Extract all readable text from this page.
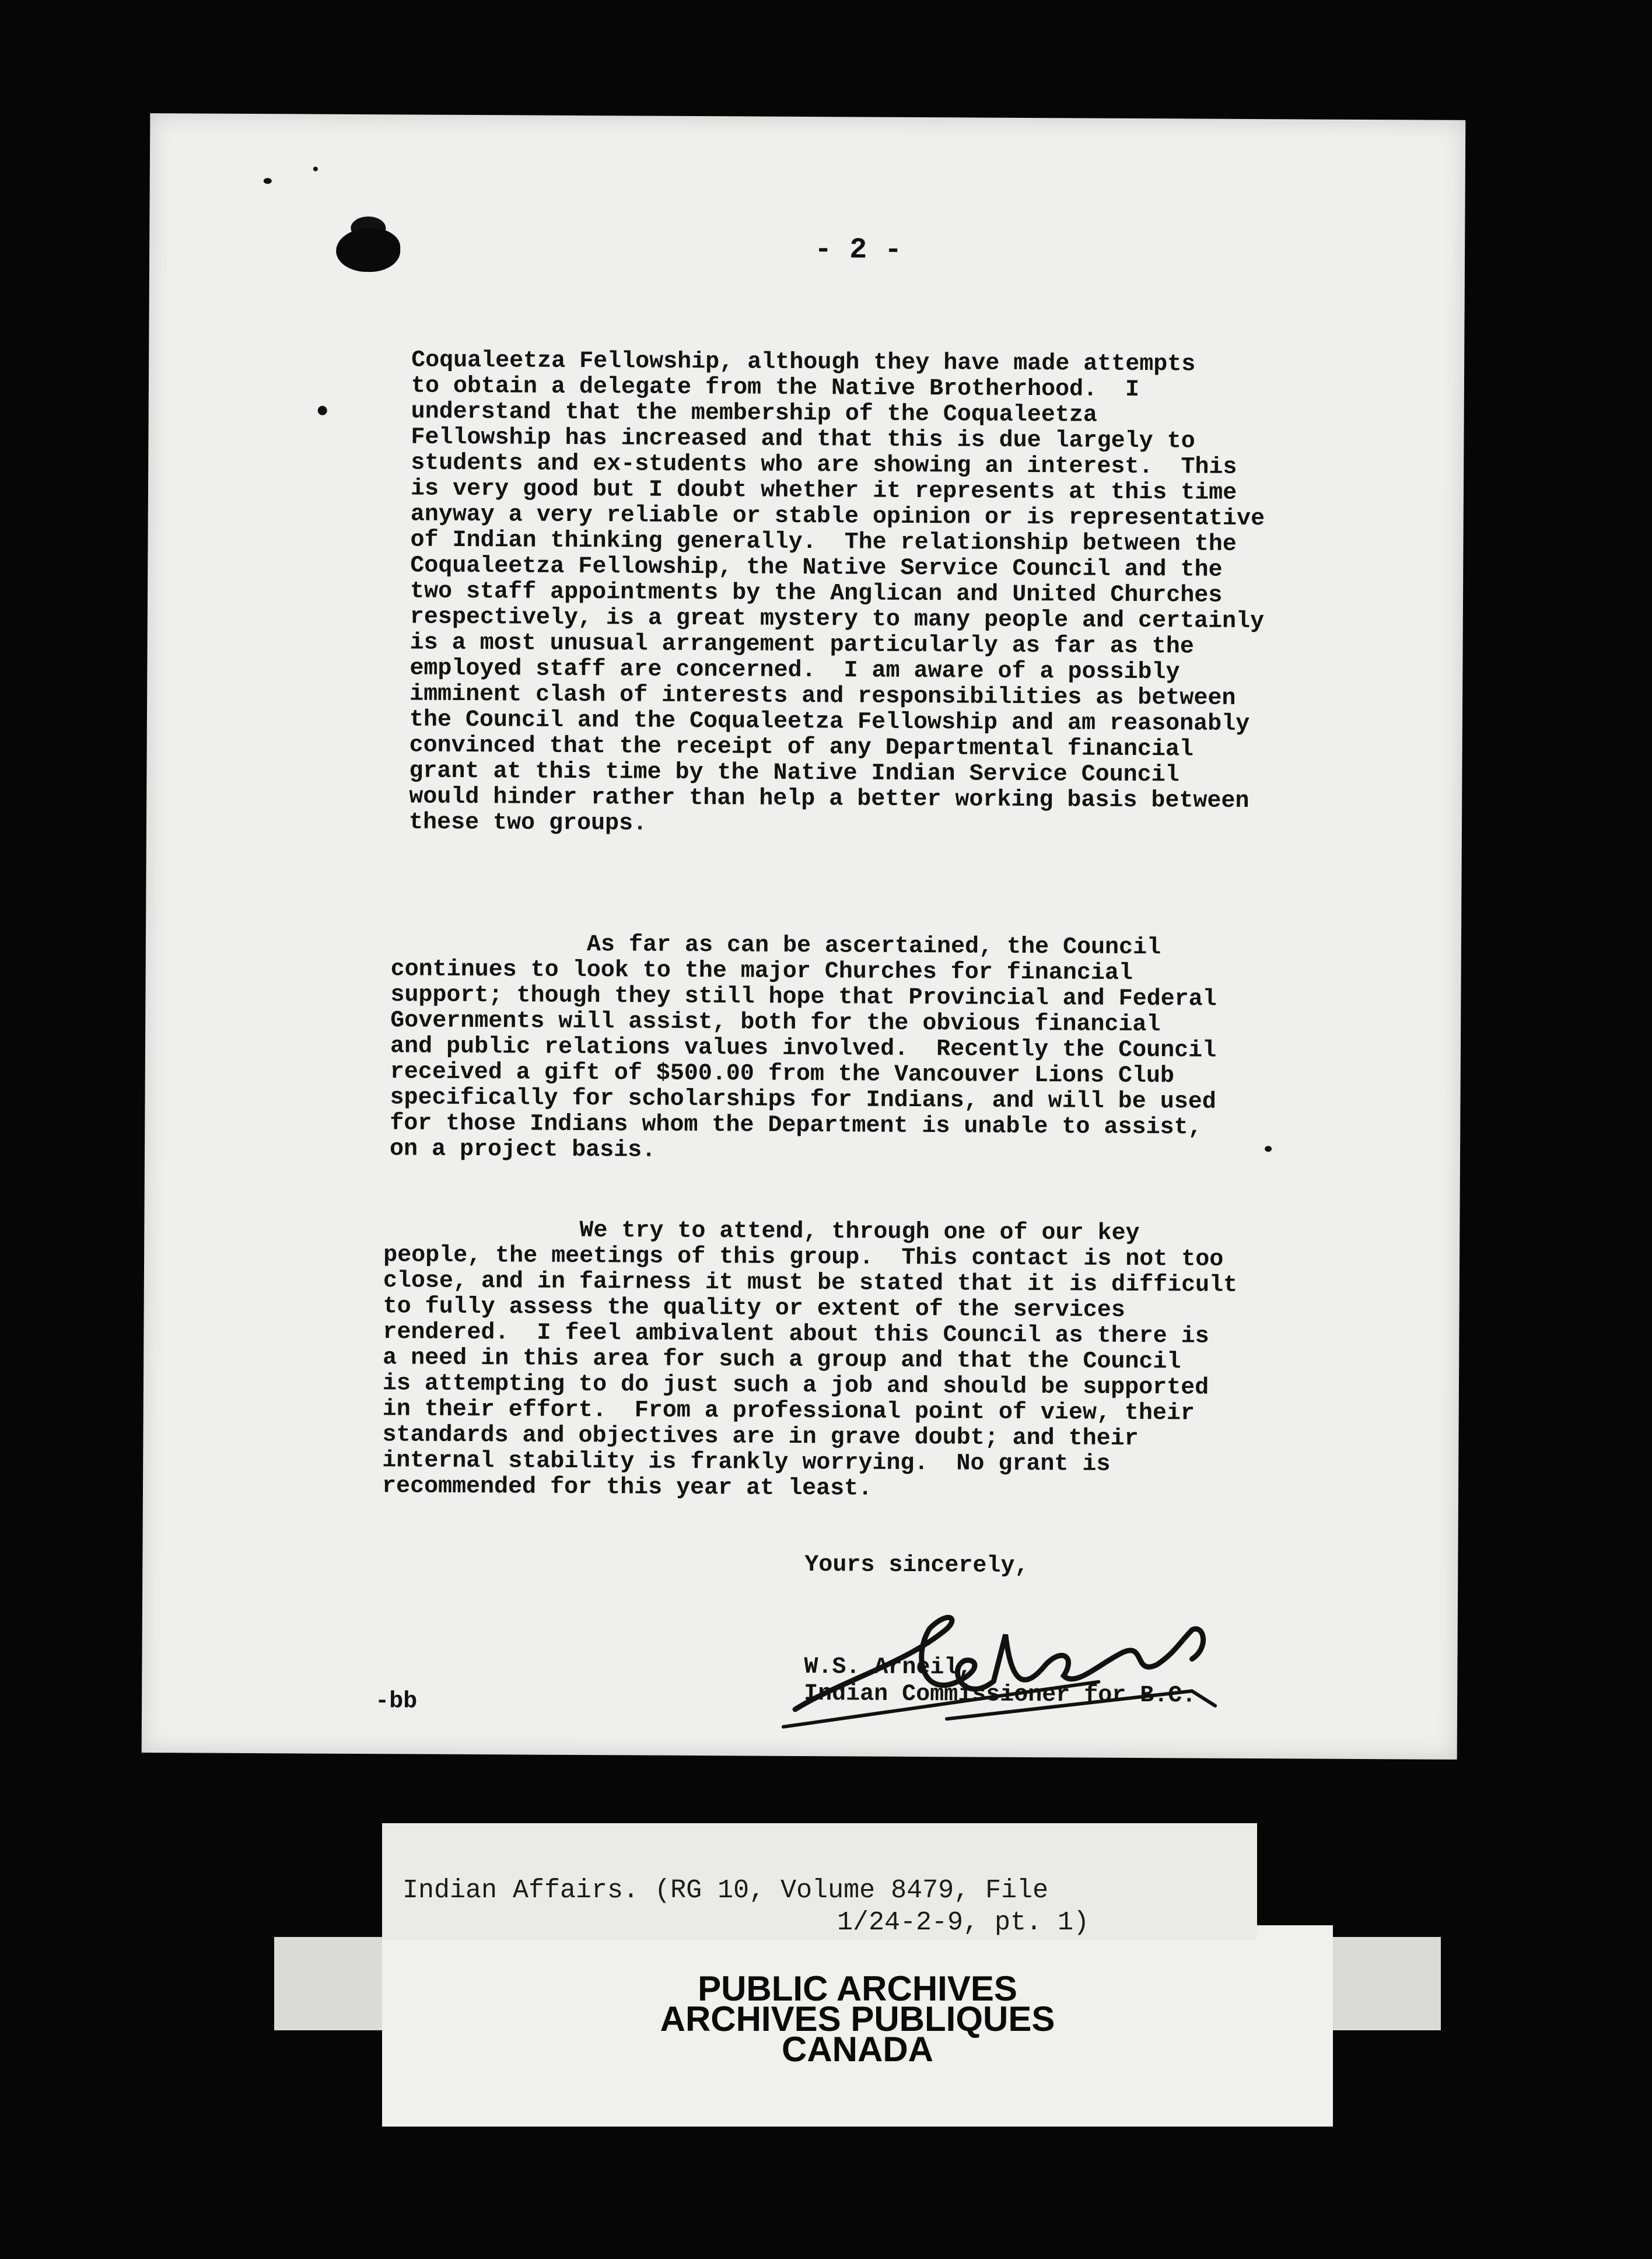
- 2 -

Coqualeetza Fellowship, although they have made attempts
to obtain a delegate from the Native Brotherhood.  I
understand that the membership of the Coqualeetza
Fellowship has increased and that this is due largely to
students and ex-students who are showing an interest.  This
is very good but I doubt whether it represents at this time
anyway a very reliable or stable opinion or is representative
of Indian thinking generally.  The relationship between the
Coqualeetza Fellowship, the Native Service Council and the
two staff appointments by the Anglican and United Churches
respectively, is a great mystery to many people and certainly
is a most unusual arrangement particularly as far as the
employed staff are concerned.  I am aware of a possibly
imminent clash of interests and responsibilities as between
the Council and the Coqualeetza Fellowship and am reasonably
convinced that the receipt of any Departmental financial
grant at this time by the Native Indian Service Council
would hinder rather than help a better working basis between
these two groups.

As far as can be ascertained, the Council
continues to look to the major Churches for financial
support; though they still hope that Provincial and Federal
Governments will assist, both for the obvious financial
and public relations values involved.  Recently the Council
received a gift of $500.00 from the Vancouver Lions Club
specifically for scholarships for Indians, and will be used
for those Indians whom the Department is unable to assist,
on a project basis.

We try to attend, through one of our key
people, the meetings of this group.  This contact is not too
close, and in fairness it must be stated that it is difficult
to fully assess the quality or extent of the services
rendered.  I feel ambivalent about this Council as there is
a need in this area for such a group and that the Council
is attempting to do just such a job and should be supported
in their effort.  From a professional point of view, their
standards and objectives are in grave doubt; and their
internal stability is frankly worrying.  No grant is
recommended for this year at least.

Yours sincerely,
W.S. Arneil,
Indian Commissioner for B.C.
-bb
PUBLIC ARCHIVES
ARCHIVES PUBLIQUES
CANADA
Indian Affairs. (RG 10, Volume 8479, File
1/24-2-9, pt. 1)
